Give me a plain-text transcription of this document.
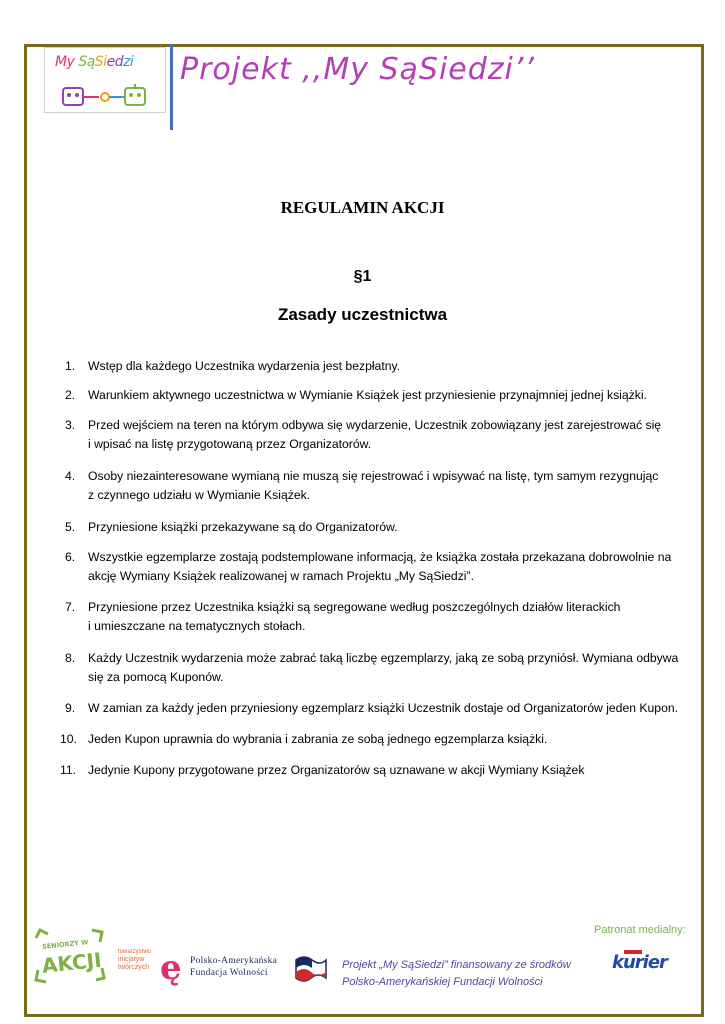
My SąSiedzi Projekt ,,My SąSiedzi’’
REGULAMIN AKCJI
§1
Zasady uczestnictwa
1. Wstęp dla każdego Uczestnika wydarzenia jest bezpłatny.
2. Warunkiem aktywnego uczestnictwa w Wymianie Książek jest przyniesienie przynajmniej jednej książki.
3. Przed wejściem na teren na którym odbywa się wydarzenie, Uczestnik zobowiązany jest zarejestrować się
i wpisać na listę przygotowaną przez Organizatorów.
4. Osoby niezainteresowane wymianą nie muszą się rejestrować i wpisywać na listę, tym samym rezygnując
z czynnego udziału w Wymianie Książek.
5. Przyniesione książki przekazywane są do Organizatorów.
6. Wszystkie egzemplarze zostają podstemplowane informacją, że książka została przekazana dobrowolnie na
akcję Wymiany Książek realizowanej w ramach Projektu „My SąSiedzi”.
7. Przyniesione przez Uczestnika książki są segregowane według poszczególnych działów literackich
i umieszczane na tematycznych stołach.
8. Każdy Uczestnik wydarzenia może zabrać taką liczbę egzemplarzy, jaką ze sobą przyniósł. Wymiana odbywa
się za pomocą Kuponów.
9. W zamian za każdy jeden przyniesiony egzemplarz książki Uczestnik dostaje od Organizatorów jeden Kupon.
10. Jeden Kupon uprawnia do wybrania i zabrania ze sobą jednego egzemplarza książki.
11. Jedynie Kupony przygotowane przez Organizatorów są uznawane w akcji Wymiany Książek
Patronat medialny:
SENIORZY W
AKCJI	towarzystwo
inicjatyw
twórczych ę Polsko-Amerykańska
Fundacja Wolności
Projekt „My SąSiedzi” finansowany ze środków
Polsko-Amerykańskiej Fundacji Wolności
kurier
